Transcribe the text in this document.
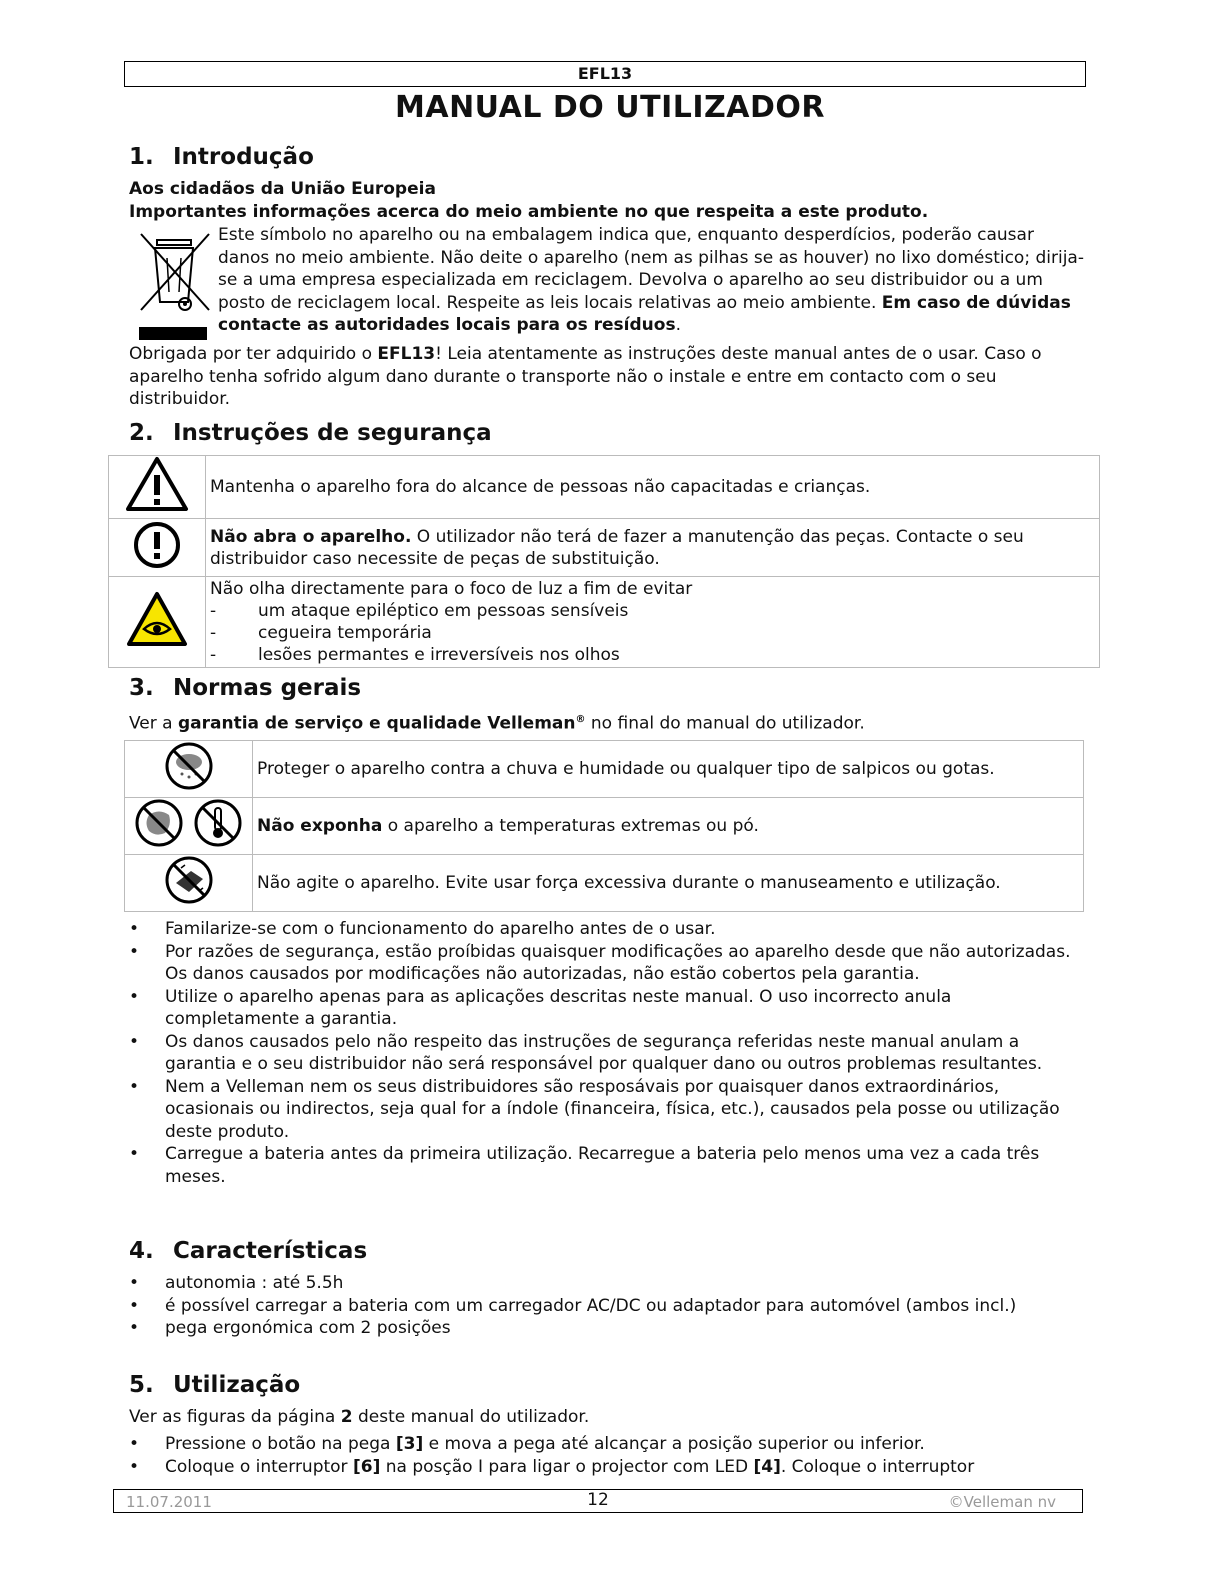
EFL13
MANUAL DO UTILIZADOR
1. Introdução
Aos cidadãos da União Europeia
Importantes informações acerca do meio ambiente no que respeita a este produto.
Este símbolo no aparelho ou na embalagem indica que, enquanto desperdícios, poderão causar danos no meio ambiente. Não deite o aparelho (nem as pilhas se as houver) no lixo doméstico; dirija-se a uma empresa especializada em reciclagem. Devolva o aparelho ao seu distribuidor ou a um posto de reciclagem local. Respeite as leis locais relativas ao meio ambiente. Em caso de dúvidas contacte as autoridades locais para os resíduos.
Obrigada por ter adquirido o EFL13! Leia atentamente as instruções deste manual antes de o usar. Caso o aparelho tenha sofrido algum dano durante o transporte não o instale e entre em contacto com o seu distribuidor.
2. Instruções de segurança
	Mantenha o aparelho fora do alcance de pessoas não capacitadas e crianças.
	Não abra o aparelho. O utilizador não terá de fazer a manutenção das peças. Contacte o seu distribuidor caso necessite de peças de substituição.

Não olha directamente para o foco de luz a fim de evitar
- um ataque epiléptico em pessoas sensíveis
- cegueira temporária
- lesões permantes e irreversíveis nos olhos
3. Normas gerais
Ver a garantia de serviço e qualidade Velleman® no final do manual do utilizador.
	Proteger o aparelho contra a chuva e humidade ou qualquer tipo de salpicos ou gotas.
	Não exponha o aparelho a temperaturas extremas ou pó.
	Não agite o aparelho. Evite usar força excessiva durante o manuseamento e utilização.
• Familarize-se com o funcionamento do aparelho antes de o usar.
• Por razões de segurança, estão proíbidas quaisquer modificações ao aparelho desde que não autorizadas. Os danos causados por modificações não autorizadas, não estão cobertos pela garantia.
• Utilize o aparelho apenas para as aplicações descritas neste manual. O uso incorrecto anula completamente a garantia.
• Os danos causados pelo não respeito das instruções de segurança referidas neste manual anulam a garantia e o seu distribuidor não será responsável por qualquer dano ou outros problemas resultantes.
• Nem a Velleman nem os seus distribuidores são resposávais por quaisquer danos extraordinários, ocasionais ou indirectos, seja qual for a índole (financeira, física, etc.), causados pela posse ou utilização deste produto.
• Carregue a bateria antes da primeira utilização. Recarregue a bateria pelo menos uma vez a cada três meses.
4. Características
• autonomia : até 5.5h
• é possível carregar a bateria com um carregador AC/DC ou adaptador para automóvel (ambos incl.)
• pega ergonómica com 2 posições
5. Utilização
Ver as figuras da página 2 deste manual do utilizador.
• Pressione o botão na pega [3] e mova a pega até alcançar a posição superior ou inferior.
• Coloque o interruptor [6] na posção I para ligar o projector com LED [4]. Coloque o interruptor
11.07.2011	12	©Velleman nv
